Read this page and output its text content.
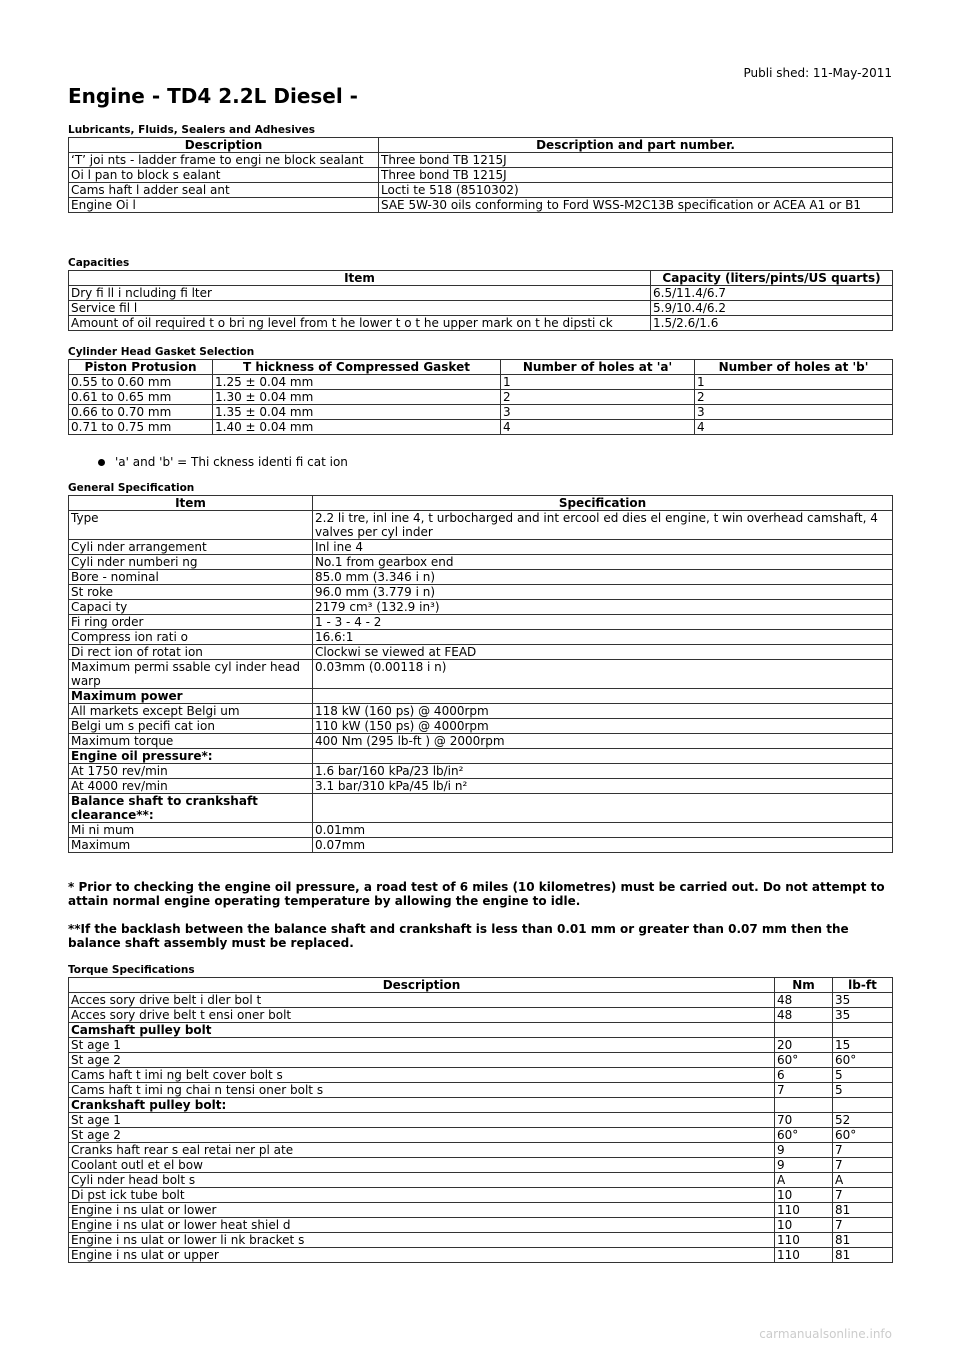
Publi shed: 11-May-2011
Engine - TD4 2.2L Diesel -
Lubricants, Fluids, Sealers and Adhesives
Description	Description and part number.
‘T’ joi nts - ladder frame to engi ne block sealant	Three bond TB 1215J
Oi l pan to block s ealant	Three bond TB 1215J
Cams haft l adder seal ant	Locti te 518 (8510302)
Engine Oi l	SAE 5W-30 oils conforming to Ford WSS-M2C13B specification or ACEA A1 or B1
Capacities
Item	Capacity (liters/pints/US quarts)
Dry fi ll i ncluding fi lter	6.5/11.4/6.7
Service fil l	5.9/10.4/6.2
Amount of oil required t o bri ng level from t he lower t o t he upper mark on t he dipsti ck	1.5/2.6/1.6
Cylinder Head Gasket Selection
Piston Protusion	T hickness of Compressed Gasket	Number of holes at 'a'	Number of holes at 'b'
0.55 to 0.60 mm	1.25 ± 0.04 mm	1	1
0.61 to 0.65 mm	1.30 ± 0.04 mm	2	2
0.66 to 0.70 mm	1.35 ± 0.04 mm	3	3
0.71 to 0.75 mm	1.40 ± 0.04 mm	4	4
'a' and 'b' = Thi ckness identi fi cat ion
General Specification
Item	Specification
Type	2.2 li tre, inl ine 4, t urbocharged and int ercool ed dies el engine, t win overhead camshaft, 4 valves per cyl inder
Cyli nder arrangement	Inl ine 4
Cyli nder numberi ng	No.1 from gearbox end
Bore - nominal	85.0 mm (3.346 i n)
St roke	96.0 mm (3.779 i n)
Capaci ty	2179 cm³ (132.9 in³)
Fi ring order	1 - 3 - 4 - 2
Compress ion rati o	16.6:1
Di rect ion of rotat ion	Clockwi se viewed at FEAD
Maximum permi ssable cyl inder head warp	0.03mm (0.00118 i n)
Maximum power	
All markets except Belgi um	118 kW (160 ps) @ 4000rpm
Belgi um s pecifi cat ion	110 kW (150 ps) @ 4000rpm
Maximum torque	400 Nm (295 lb-ft ) @ 2000rpm
Engine oil pressure*:	
At 1750 rev/min	1.6 bar/160 kPa/23 lb/in²
At 4000 rev/min	3.1 bar/310 kPa/45 lb/i n²
Balance shaft to crankshaft clearance**:	
Mi ni mum	0.01mm
Maximum	0.07mm
* Prior to checking the engine oil pressure, a road test of 6 miles (10 kilometres) must be carried out. Do not attempt to attain normal engine operating temperature by allowing the engine to idle.
**If the backlash between the balance shaft and crankshaft is less than 0.01 mm or greater than 0.07 mm then the balance shaft assembly must be replaced.
Torque Specifications
Description	Nm	lb-ft
Acces sory drive belt i dler bol t	48	35
Acces sory drive belt t ensi oner bolt	48	35
Camshaft pulley bolt		
St age 1	20	15
St age 2	60°	60°
Cams haft t imi ng belt cover bolt s	6	5
Cams haft t imi ng chai n tensi oner bolt s	7	5
Crankshaft pulley bolt:		
St age 1	70	52
St age 2	60°	60°
Cranks haft rear s eal retai ner pl ate	9	7
Coolant outl et el bow	9	7
Cyli nder head bolt s	A	A
Di pst ick tube bolt	10	7
Engine i ns ulat or lower	110	81
Engine i ns ulat or lower heat shiel d	10	7
Engine i ns ulat or lower li nk bracket s	110	81
Engine i ns ulat or upper	110	81
carmanualsonline.info
